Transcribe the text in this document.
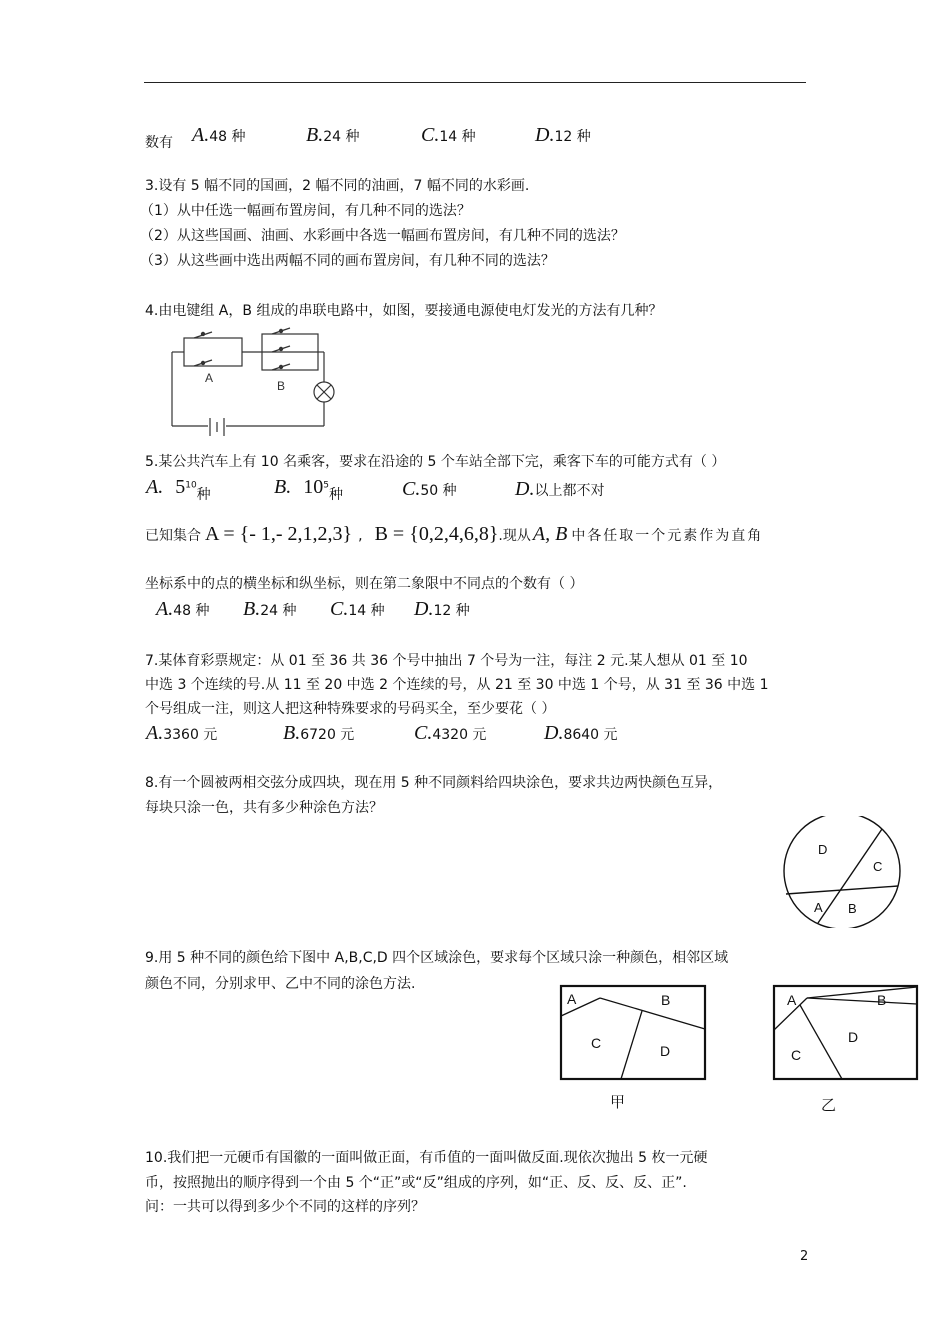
数有 A.48 种	B.24 种	C.14 种	D.12 种
3.设有 5 幅不同的国画，2 幅不同的油画，7 幅不同的水彩画.
（1）从中任选一幅画布置房间，有几种不同的选法？
（2）从这些国画、油画、水彩画中各选一幅画布置房间，有几种不同的选法？
（3）从这些画中选出两幅不同的画布置房间，有几种不同的选法？
4.由电键组 A，B 组成的串联电路中，如图，要接通电源使电灯发光的方法有几种？
A
B
5.某公共汽车上有 10 名乘客，要求在沿途的 5 个车站全部下完，乘客下车的可能方式有（ ）
A. $5^{10}$种	B. $10^5$种	C.50 种	D.以上都不对
已知集合 A = {- 1,- 2,1,2,3} , B = {0,2,4,6,8}.现从 A, B 中各任取一个元素作为直角
坐标系中的点的横坐标和纵坐标，则在第二象限中不同点的个数有（ ）
A.48 种 B.24 种 C.14 种 D.12 种
7.某体育彩票规定：从 01 至 36 共 36 个号中抽出 7 个号为一注，每注 2 元.某人想从 01 至 10
中选 3 个连续的号.从 11 至 20 中选 2 个连续的号，从 21 至 30 中选 1 个号，从 31 至 36 中选 1
个号组成一注，则这人把这种特殊要求的号码买全，至少要花（ ）
A.3360 元	B.6720 元	C.4320 元	D.8640 元
8.有一个圆被两相交弦分成四块，现在用 5 种不同颜料给四块涂色，要求共边两快颜色互异，
每块只涂一色，共有多少种涂色方法？
D
C
A B
9.用 5 种不同的颜色给下图中 A,B,C,D 四个区域涂色，要求每个区域只涂一种颜色，相邻区域
颜色不同，分别求甲、乙中不同的涂色方法.
A	B
C	D
甲
A	B
C
D
乙
10.我们把一元硬币有国徽的一面叫做正面，有币值的一面叫做反面.现依次抛出 5 枚一元硬
币，按照抛出的顺序得到一个由 5 个“正”或“反”组成的序列，如“正、反、反、反、正”.
问：一共可以得到多少个不同的这样的序列？
2
